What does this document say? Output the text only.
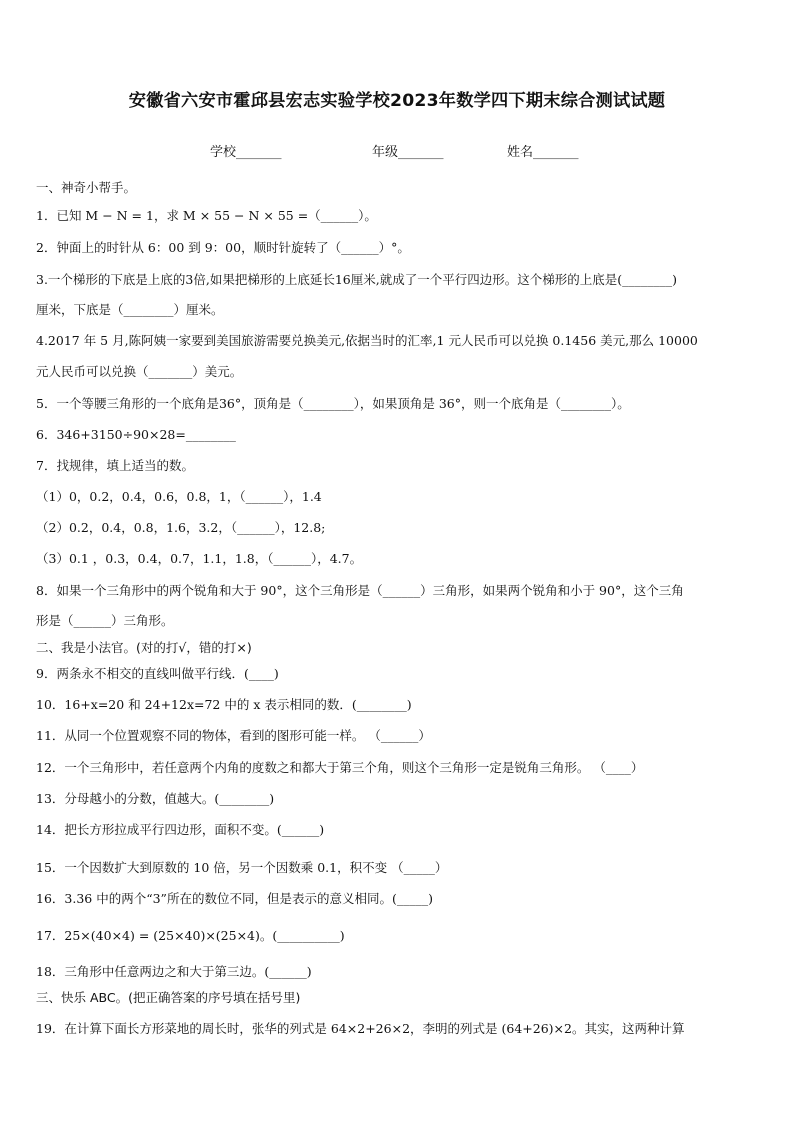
安徽省六安市霍邱县宏志实验学校2023年数学四下期末综合测试试题
学校_______	年级_______	姓名_______
一、神奇小帮手。
1．已知 M − N = 1，求 M × 55 − N × 55 =（______）。
2．钟面上的时针从 6：00 到 9：00，顺时针旋转了（______）°。
3.一个梯形的下底是上底的3倍,如果把梯形的上底延长16厘米,就成了一个平行四边形。这个梯形的上底是(________)
厘米，下底是（________）厘米。
4.2017 年 5 月,陈阿姨一家要到美国旅游需要兑换美元,依据当时的汇率,1 元人民币可以兑换 0.1456 美元,那么 10000
元人民币可以兑换（_______）美元。
5．一个等腰三角形的一个底角是36°，顶角是（________），如果顶角是 36°，则一个底角是（________）。
6．346+3150÷90×28=________
7．找规律，填上适当的数。
（1）0，0.2，0.4，0.6，0.8，1，（______），1.4
（2）0.2，0.4，0.8，1.6，3.2，（______），12.8;
（3）0.1 ，0.3，0.4，0.7，1.1，1.8，（______），4.7。
8．如果一个三角形中的两个锐角和大于 90°，这个三角形是（______）三角形，如果两个锐角和小于 90°，这个三角
形是（______）三角形。
二、我是小法官。(对的打√，错的打×)
9．两条永不相交的直线叫做平行线．(____)
10．16+x=20 和 24+12x=72 中的 x 表示相同的数．(________)
11．从同一个位置观察不同的物体，看到的图形可能一样。 （______）
12．一个三角形中，若任意两个内角的度数之和都大于第三个角，则这个三角形一定是锐角三角形。 （____）
13．分母越小的分数，值越大。(________)
14．把长方形拉成平行四边形，面积不变。(______)
15．一个因数扩大到原数的 10 倍，另一个因数乘 0.1，积不变 （_____）
16．3.36 中的两个“3”所在的数位不同，但是表示的意义相同。(_____)
17．25×(40×4) = (25×40)×(25×4)。(__________)
18．三角形中任意两边之和大于第三边。(______)
三、快乐 ABC。(把正确答案的序号填在括号里)
19．在计算下面长方形菜地的周长时，张华的列式是 64×2+26×2，李明的列式是 (64+26)×2。其实，这两种计算
